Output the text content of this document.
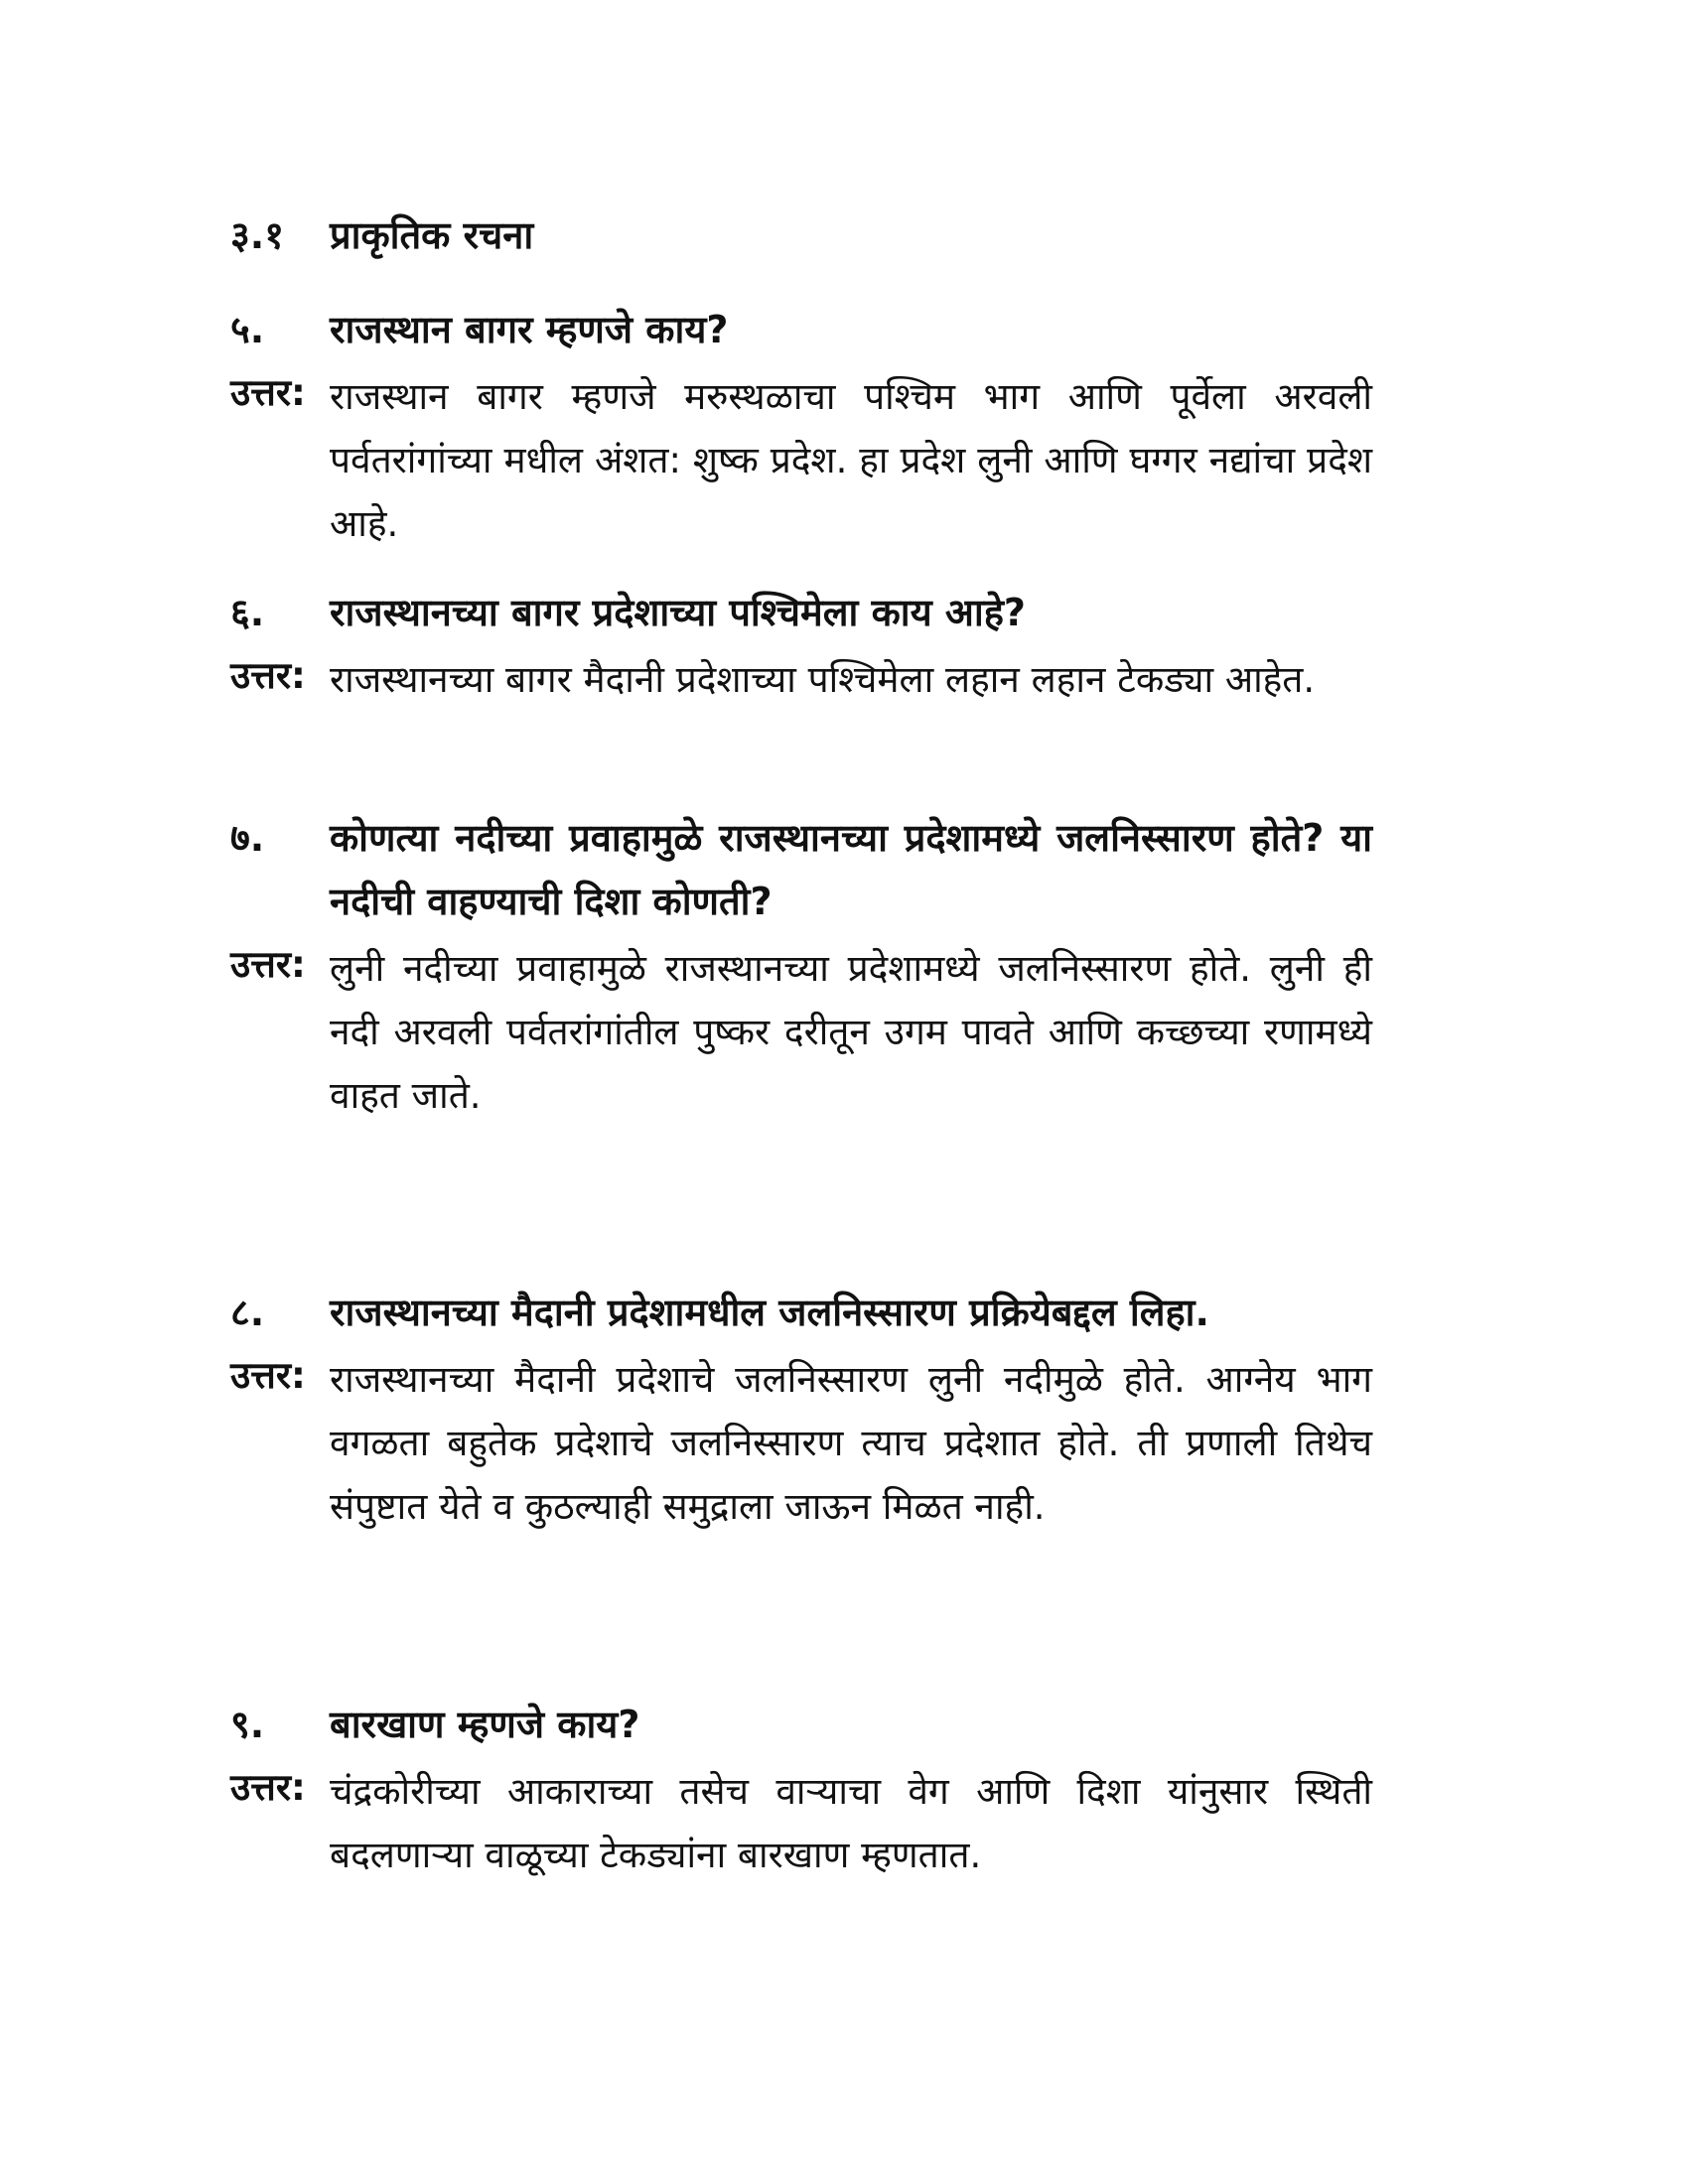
३.१ प्राकृतिक रचना
५.	राजस्थान बागर म्हणजे काय?
उत्तर: राजस्थान बागर म्हणजे मरुस्थळाचा पश्चिम भाग आणि पूर्वेला अरवली पर्वतरांगांच्या मधील अंशत: शुष्क प्रदेश. हा प्रदेश लुनी आणि घग्गर नद्यांचा प्रदेश आहे.
६.	राजस्थानच्या बागर प्रदेशाच्या पश्चिमेला काय आहे?
उत्तर: राजस्थानच्या बागर मैदानी प्रदेशाच्या पश्चिमेला लहान लहान टेकड्या आहेत.
७.	कोणत्या नदीच्या प्रवाहामुळे राजस्थानच्या प्रदेशामध्ये जलनिस्सारण होते? या नदीची वाहण्याची दिशा कोणती?
उत्तर: लुनी नदीच्या प्रवाहामुळे राजस्थानच्या प्रदेशामध्ये जलनिस्सारण होते. लुनी ही नदी अरवली पर्वतरांगांतील पुष्कर दरीतून उगम पावते आणि कच्छच्या रणामध्ये वाहत जाते.
८.	राजस्थानच्या मैदानी प्रदेशामधील जलनिस्सारण प्रक्रियेबद्दल लिहा.
उत्तर: राजस्थानच्या मैदानी प्रदेशाचे जलनिस्सारण लुनी नदीमुळे होते. आग्नेय भाग वगळता बहुतेक प्रदेशाचे जलनिस्सारण त्याच प्रदेशात होते. ती प्रणाली तिथेच संपुष्टात येते व कुठल्याही समुद्राला जाऊन मिळत नाही.
९.	बारखाण म्हणजे काय?
उत्तर: चंद्रकोरीच्या आकाराच्या तसेच वाऱ्याचा वेग आणि दिशा यांनुसार स्थिती बदलणाऱ्या वाळूच्या टेकड्यांना बारखाण म्हणतात.
